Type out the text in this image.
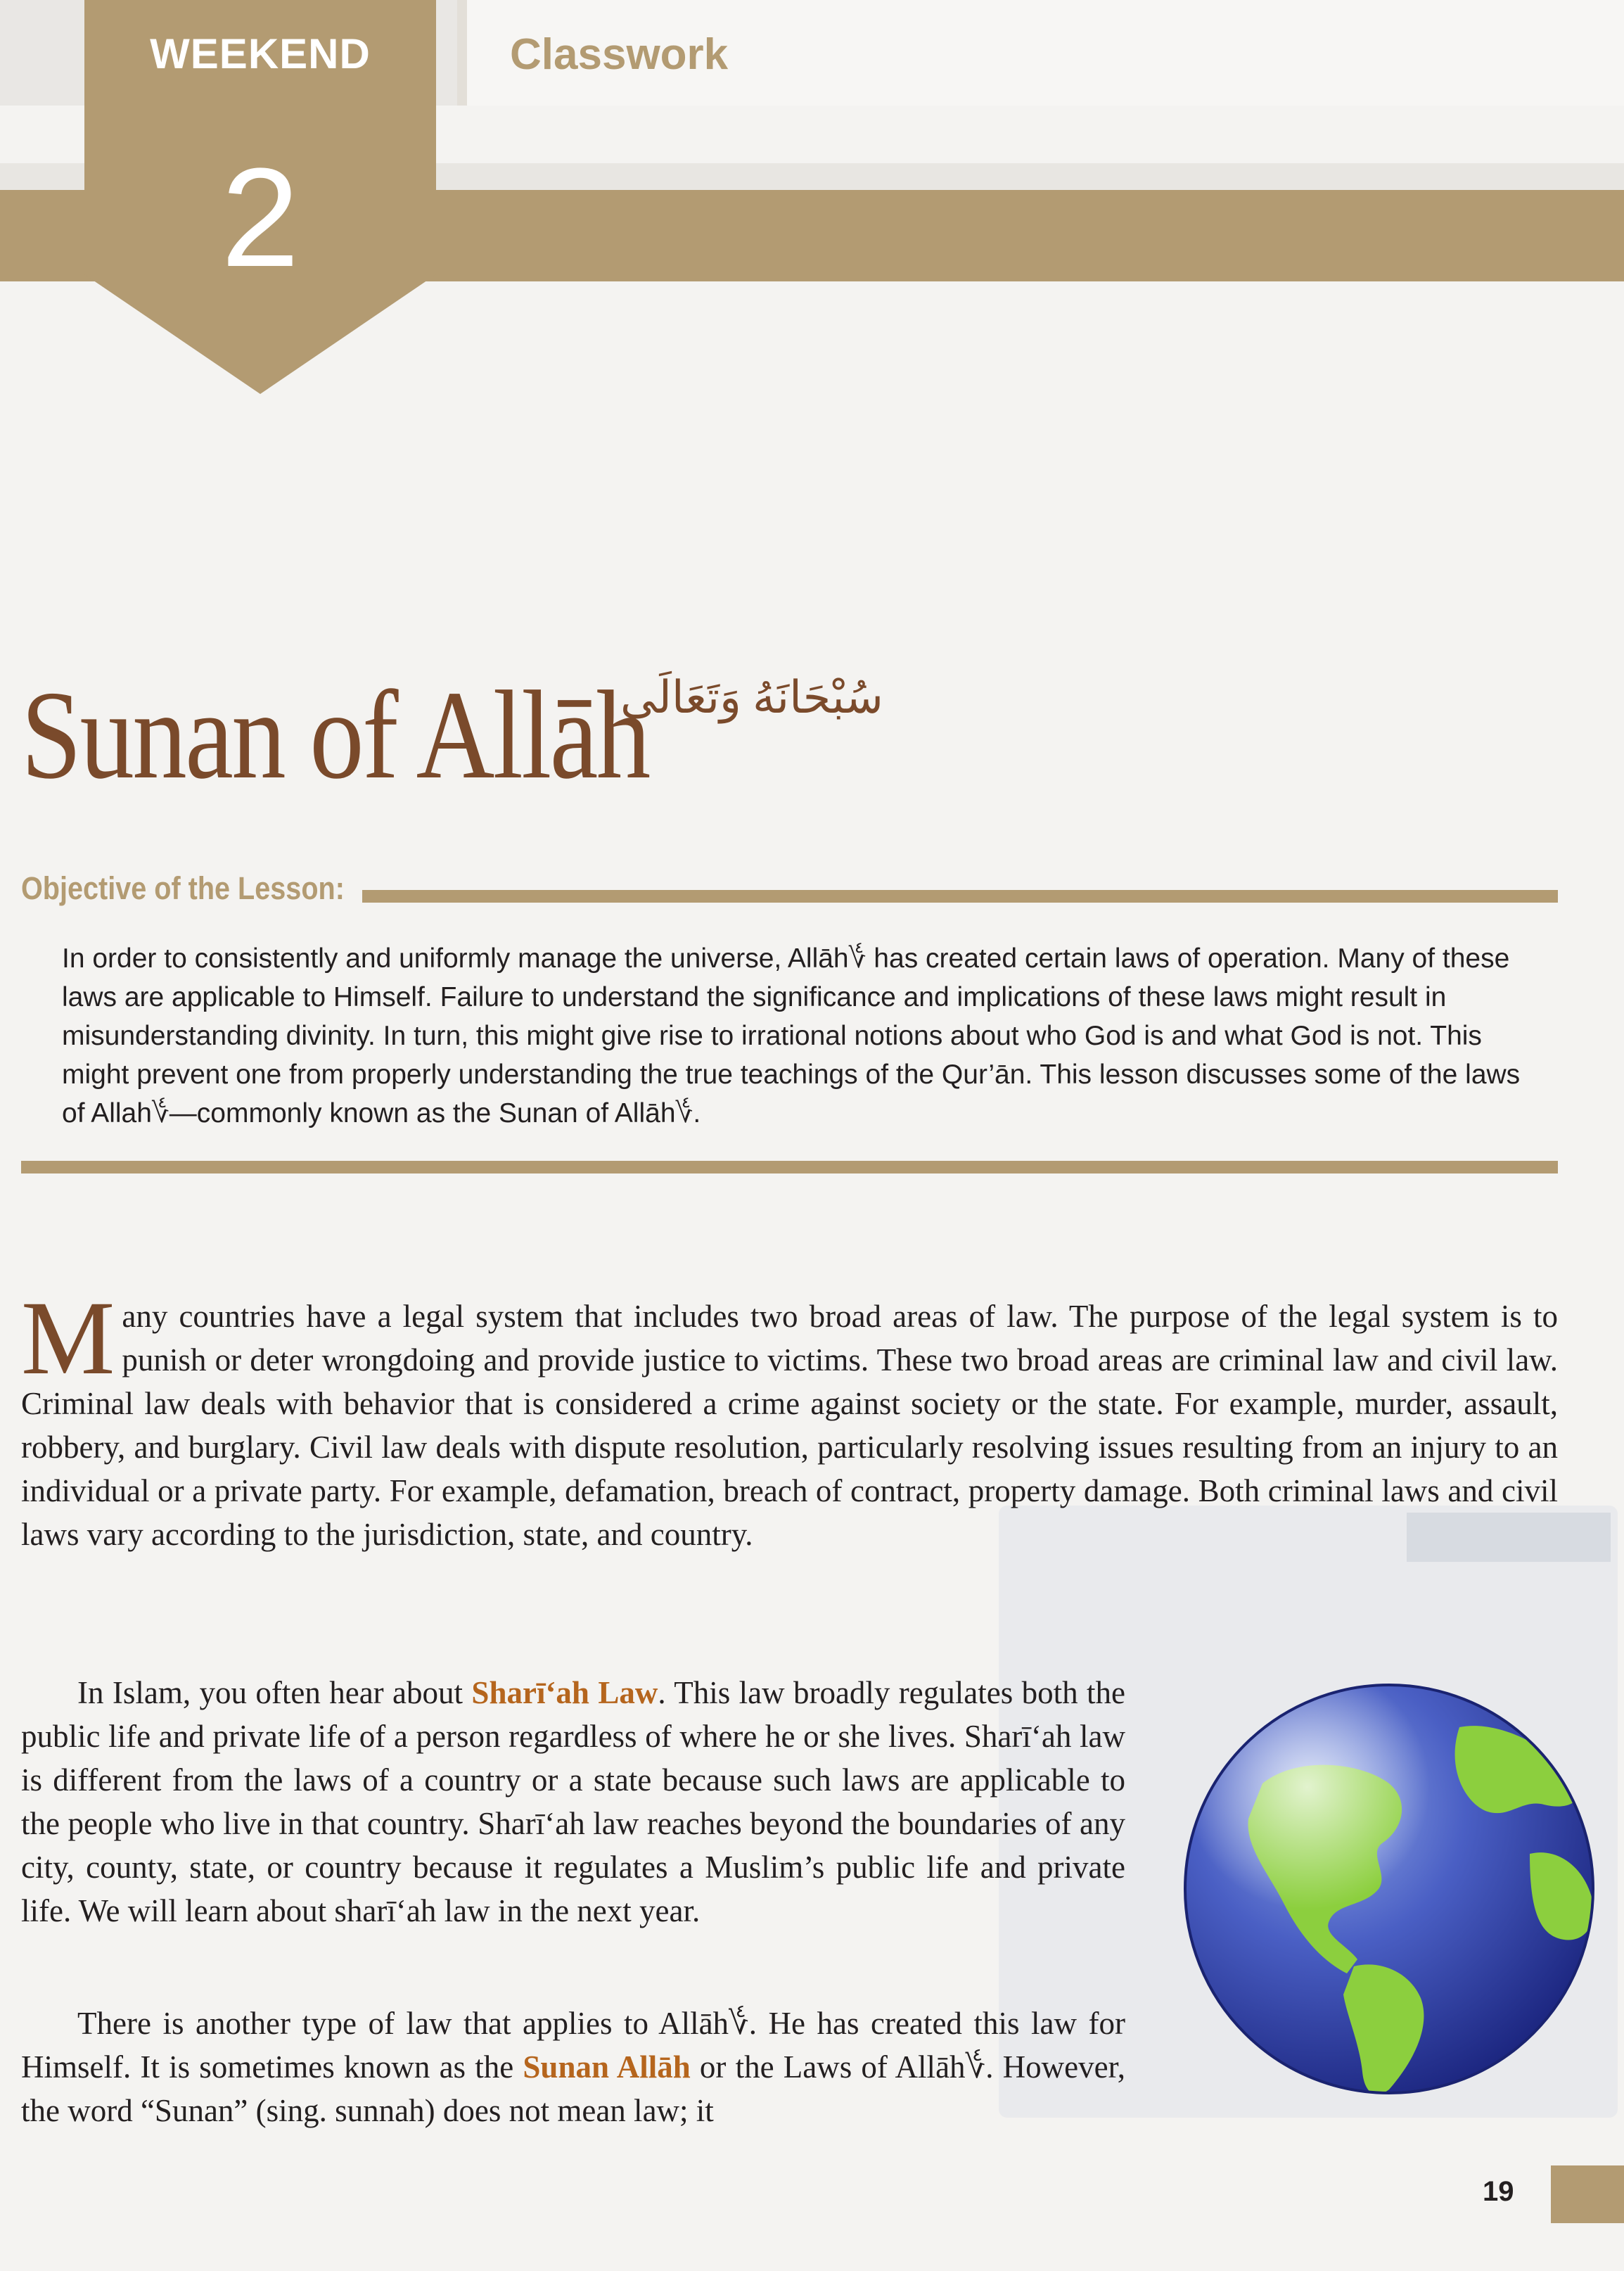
WEEKEND
2
Classwork
Sunan of Allāh
سُبْحَانَهُ وَتَعَالَى
Objective of the Lesson:
In order to consistently and uniformly manage the universe, Allāh؇ has created certain laws of operation. Many of these laws are applicable to Himself. Failure to understand the significance and implications of these laws might result in misunderstanding divinity. In turn, this might give rise to irrational notions about who God is and what God is not. This might prevent one from properly understanding the true teachings of the Qur’ān. This lesson discusses some of the laws of Allah؇—commonly known as the Sunan of Allāh؇.
Many countries have a legal system that includes two broad areas of law. The purpose of the legal system is to punish or deter wrongdoing and provide justice to victims. These two broad areas are criminal law and civil law. Criminal law deals with behavior that is considered a crime against society or the state. For example, murder, assault, robbery, and burglary. Civil law deals with dispute resolution, particularly resolving issues resulting from an injury to an individual or a private party. For example, defamation, breach of contract, property damage. Both criminal laws and civil laws vary according to the jurisdiction, state, and country.
In Islam, you often hear about Sharī‘ah Law. This law broadly regulates both the public life and private life of a person regardless of where he or she lives. Sharī‘ah law is different from the laws of a country or a state because such laws are applicable to the people who live in that country. Sharī‘ah law reaches beyond the boundaries of any city, county, state, or country because it regulates a Muslim’s public life and private life. We will learn about sharī‘ah law in the next year.
There is another type of law that applies to Allāh؇. He has created this law for Himself. It is sometimes known as the Sunan Allāh or the Laws of Allāh؇. However, the word “Sunan” (sing. sunnah) does not mean law; it
19
